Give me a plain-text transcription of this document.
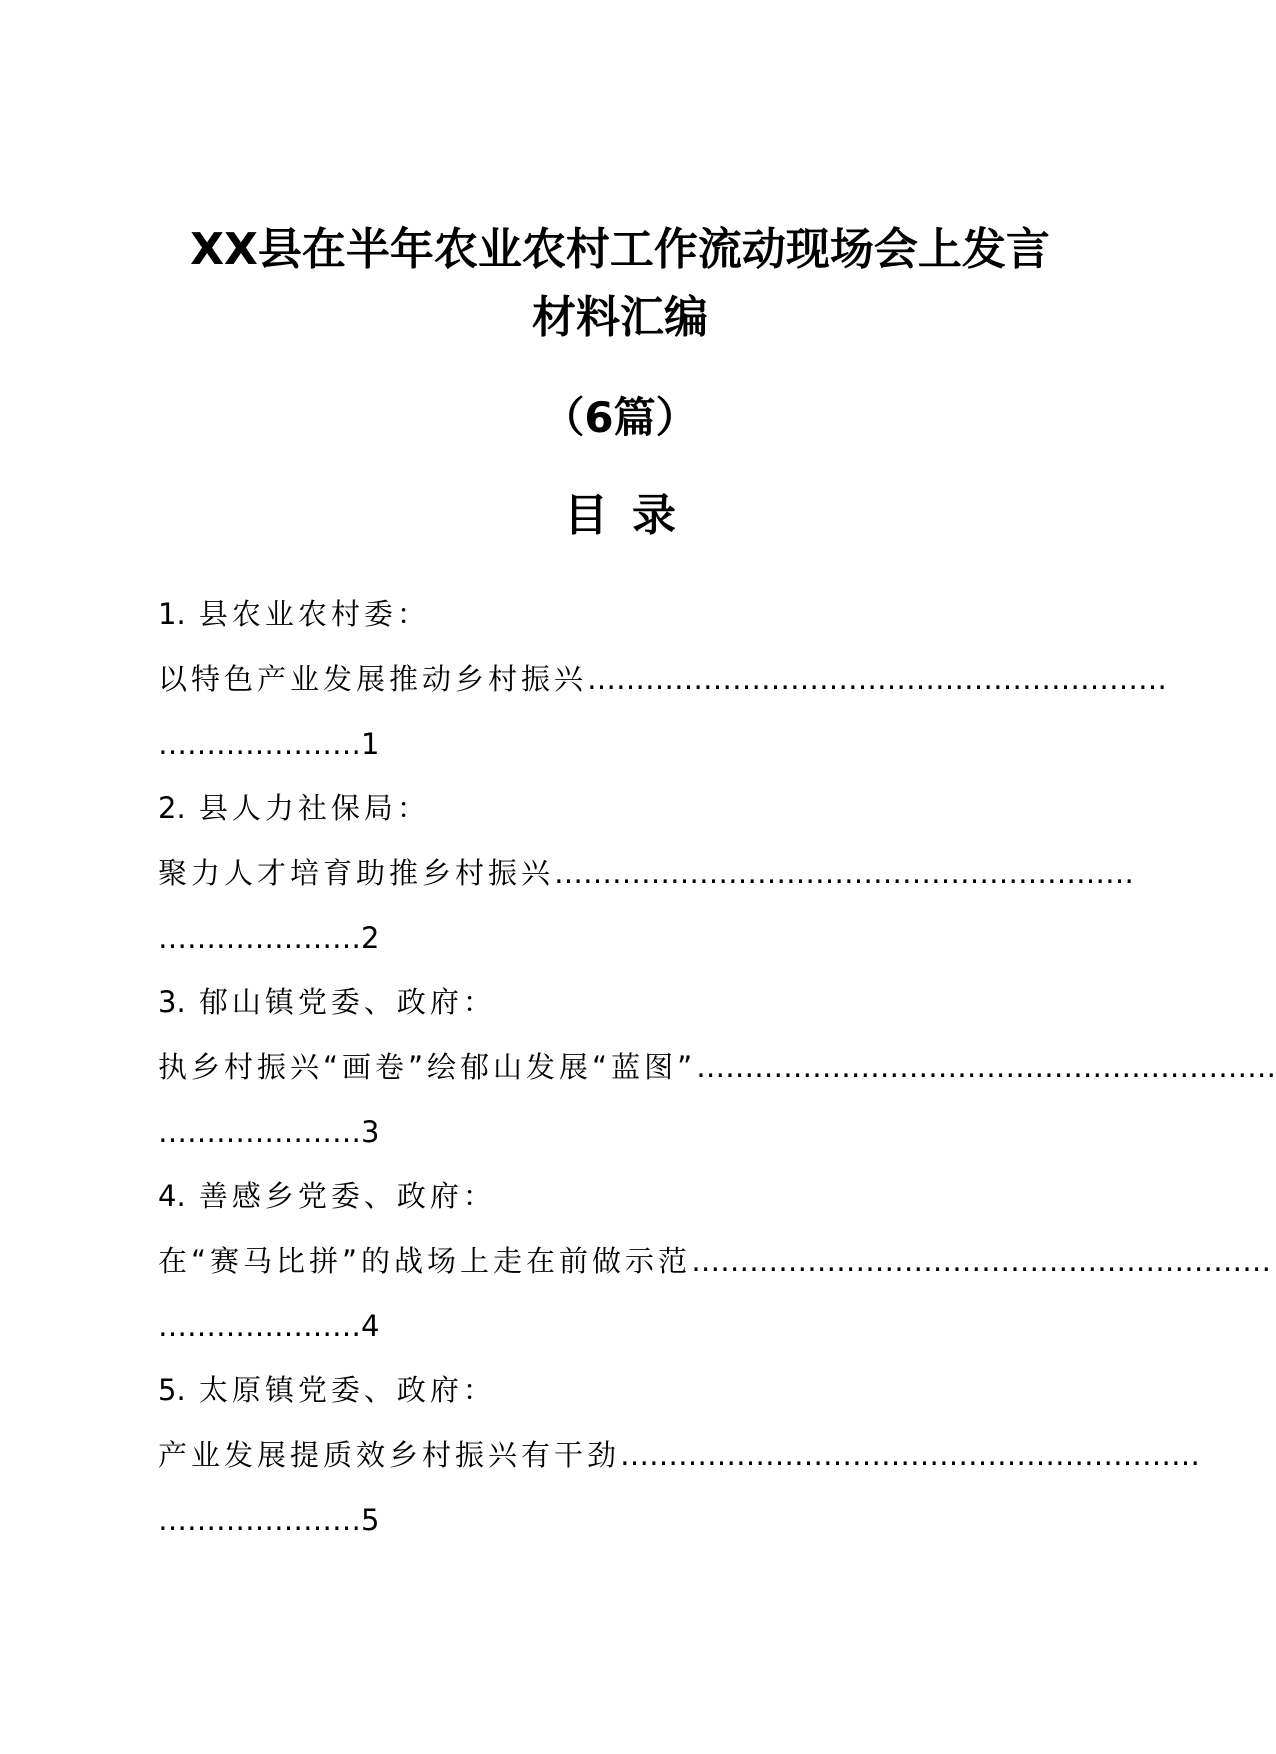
XX县在半年农业农村工作流动现场会上发言
材料汇编
（6篇）
目录
1. 县农业农村委：
以特色产业发展推动乡村振兴 ……………………………………………………
…………………1
2. 县人力社保局：
聚力人才培育助推乡村振兴 ……………………………………………………
…………………2
3. 郁山镇党委、政府：
执乡村振兴“画卷”绘郁山发展“蓝图” ……………………………………………………
…………………3
4. 善感乡党委、政府：
在“赛马比拼”的战场上走在前做示范 ……………………………………………………
…………………4
5. 太原镇党委、政府：
产业发展提质效乡村振兴有干劲 ……………………………………………………
…………………5
